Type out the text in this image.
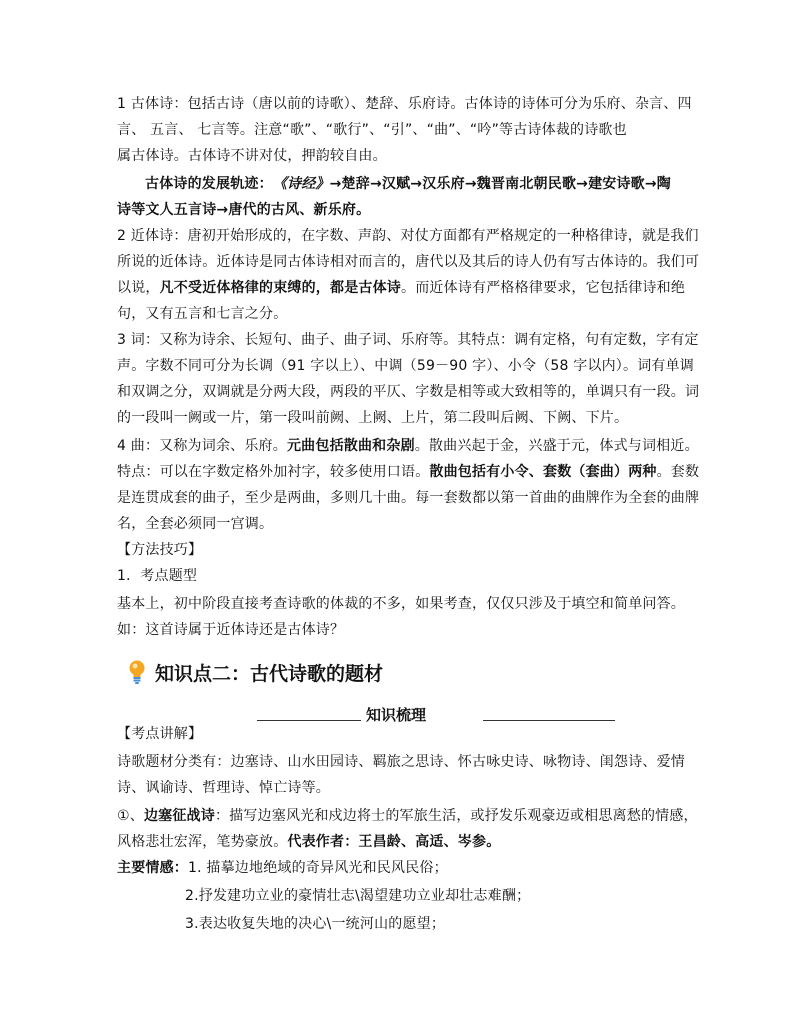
1 古体诗：包括古诗（唐以前的诗歌）、楚辞、乐府诗。古体诗的诗体可分为乐府、杂言、四
言、 五言、 七言等。注意“歌”、“歌行”、“引”、“曲”、“吟”等古诗体裁的诗歌也
属古体诗。古体诗不讲对仗，押韵较自由。
古体诗的发展轨迹：《诗经》→楚辞→汉赋→汉乐府→魏晋南北朝民歌→建安诗歌→陶
诗等文人五言诗→唐代的古风、新乐府。
2 近体诗：唐初开始形成的，在字数、声韵、对仗方面都有严格规定的一种格律诗，就是我们
所说的近体诗。近体诗是同古体诗相对而言的，唐代以及其后的诗人仍有写古体诗的。我们可
以说，凡不受近体格律的束缚的，都是古体诗。而近体诗有严格格律要求，它包括律诗和绝
句，又有五言和七言之分。
3 词：又称为诗余、长短句、曲子、曲子词、乐府等。其特点：调有定格，句有定数，字有定
声。字数不同可分为长调（91 字以上）、中调（59－90 字）、小令（58 字以内）。词有单调
和双调之分，双调就是分两大段，两段的平仄、字数是相等或大致相等的，单调只有一段。词
的一段叫一阙或一片，第一段叫前阙、上阙、上片，第二段叫后阙、下阙、下片。
4 曲：又称为词余、乐府。元曲包括散曲和杂剧。散曲兴起于金，兴盛于元，体式与词相近。
特点：可以在字数定格外加衬字，较多使用口语。散曲包括有小令、套数（套曲）两种。套数
是连贯成套的曲子，至少是两曲，多则几十曲。每一套数都以第一首曲的曲牌作为全套的曲牌
名，全套必须同一宫调。
【方法技巧】
1．考点题型
基本上，初中阶段直接考查诗歌的体裁的不多，如果考查，仅仅只涉及于填空和简单问答。
如：这首诗属于近体诗还是古体诗？
知识点二：古代诗歌的题材
知识梳理
【考点讲解】
诗歌题材分类有：边塞诗、山水田园诗、羁旅之思诗、怀古咏史诗、咏物诗、闺怨诗、爱情
诗、讽谕诗、哲理诗、悼亡诗等。
①、边塞征战诗：描写边塞风光和戍边将士的军旅生活，或抒发乐观豪迈或相思离愁的情感，
风格悲壮宏浑，笔势豪放。代表作者：王昌龄、高适、岑参。
主要情感：1. 描摹边地绝域的奇异风光和民风民俗；
2.抒发建功立业的豪情壮志\渴望建功立业却壮志难酬；
3.表达收复失地的决心\一统河山的愿望；
